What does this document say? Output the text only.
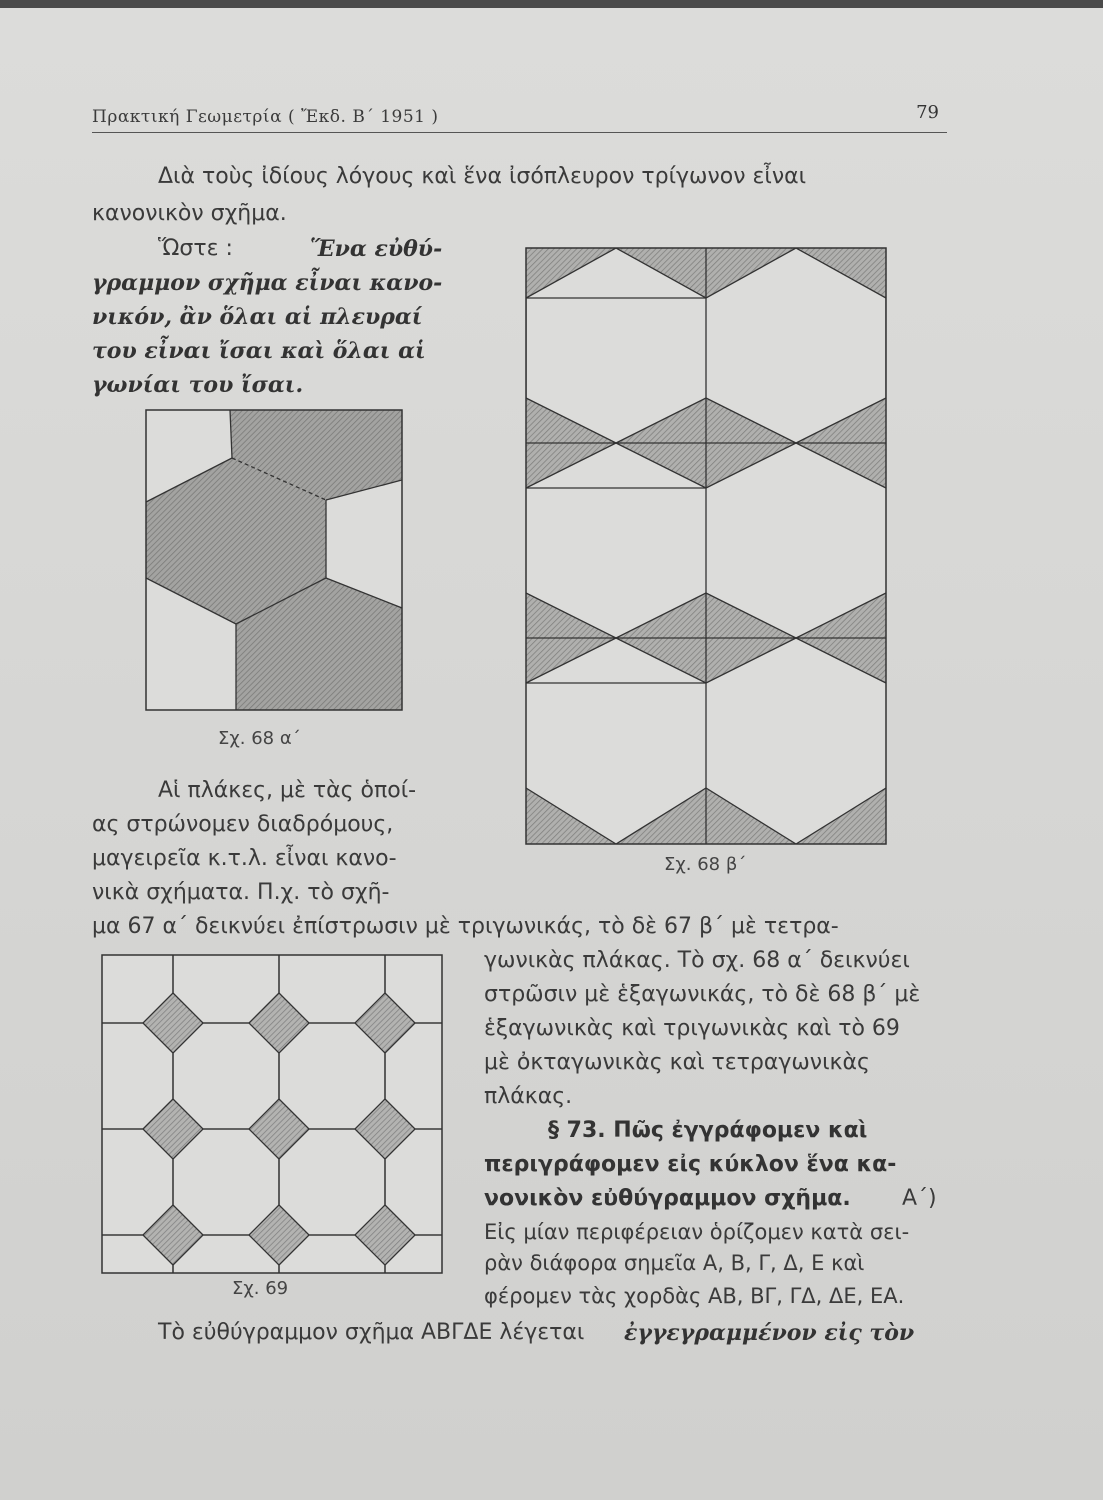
Πρακτική Γεωμετρία ( Ἔκδ. Β΄ 1951 )	79
Διὰ τοὺς ἰδίους λόγους καὶ ἕνα ἰσόπλευρον τρίγωνον εἶναι
κανονικὸν σχῆμα.
Ὥστε :	Ἕνα εὐθύ-
γραμμον σχῆμα εἶναι κανο-
νικόν, ἂν ὅλαι αἱ πλευραί
του εἶναι ἴσαι καὶ ὅλαι αἱ
γωνίαι του ἴσαι.
Σχ. 68 α΄
Σχ. 68 β΄
Αἱ πλάκες, μὲ τὰς ὁποί-
ας στρώνομεν διαδρόμους,
μαγειρεῖα κ.τ.λ. εἶναι κανο-
νικὰ σχήματα. Π.χ. τὸ σχῆ-
μα 67 α΄ δεικνύει ἐπίστρωσιν μὲ τριγωνικάς, τὸ δὲ 67 β΄ μὲ τετρα-
γωνικὰς πλάκας. Τὸ σχ. 68 α΄ δεικνύει
στρῶσιν μὲ ἑξαγωνικάς, τὸ δὲ 68 β΄ μὲ
ἑξαγωνικὰς καὶ τριγωνικὰς καὶ τὸ 69
μὲ ὀκταγωνικὰς καὶ τετραγωνικὰς
πλάκας.
Σχ. 69
§ 73. Πῶς ἐγγράφομεν καὶ
περιγράφομεν εἰς κύκλον ἕνα κα-
νονικὸν εὐθύγραμμον σχῆμα. Α΄)
Εἰς μίαν περιφέρειαν ὁρίζομεν κατὰ σει-
ρὰν διάφορα σημεῖα Α, Β, Γ, Δ, Ε καὶ
φέρομεν τὰς χορδὰς ΑΒ, ΒΓ, ΓΔ, ΔΕ, ΕΑ.
Τὸ εὐθύγραμμον σχῆμα ΑΒΓΔΕ λέγεται ἐγγεγραμμένον εἰς τὸν
